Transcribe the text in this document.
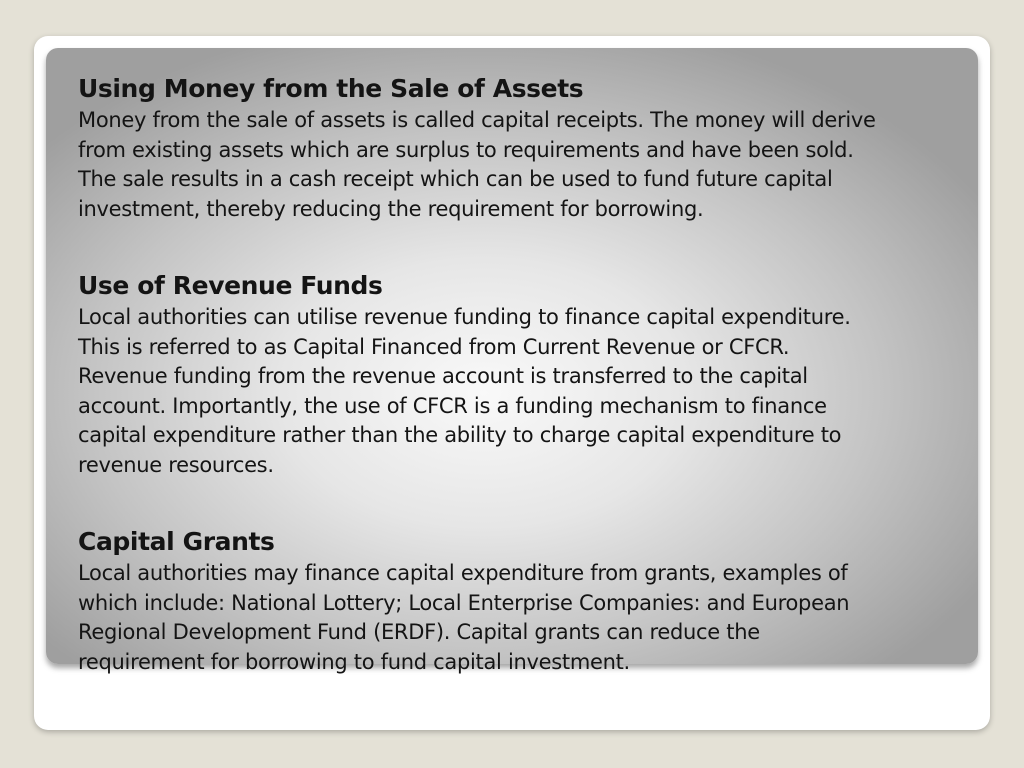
Using Money from the Sale of Assets

Money from the sale of assets is called capital receipts. The money will derive
from existing assets which are surplus to requirements and have been sold.
The sale results in a cash receipt which can be used to fund future capital
investment, thereby reducing the requirement for borrowing.

Use of Revenue Funds

Local authorities can utilise revenue funding to finance capital expenditure.
This is referred to as Capital Financed from Current Revenue or CFCR.
Revenue funding from the revenue account is transferred to the capital
account. Importantly, the use of CFCR is a funding mechanism to finance
capital expenditure rather than the ability to charge capital expenditure to
revenue resources.

Capital Grants

Local authorities may finance capital expenditure from grants, examples of
which include: National Lottery; Local Enterprise Companies: and European
Regional Development Fund (ERDF). Capital grants can reduce the
requirement for borrowing to fund capital investment.
